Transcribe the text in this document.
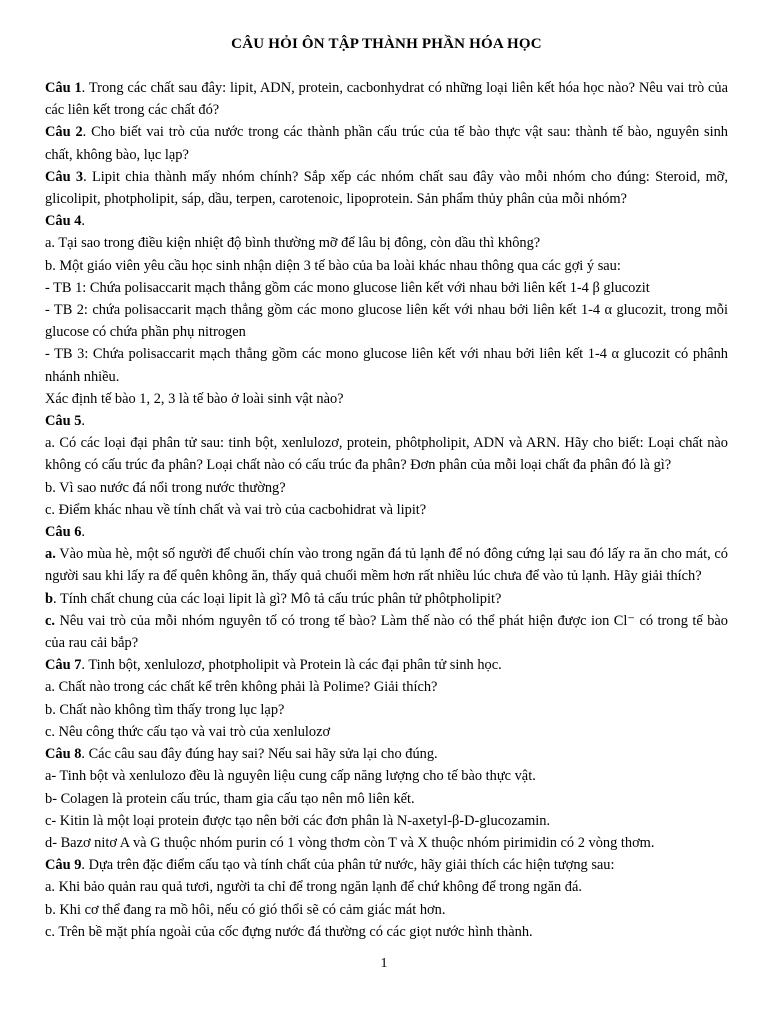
CÂU HỎI ÔN TẬP THÀNH PHẦN HÓA HỌC

Câu 1. Trong các chất sau đây: lipit, ADN, protein, cacbonhydrat có những loại liên kết hóa học nào? Nêu vai trò của các liên kết trong các chất đó?

Câu 2. Cho biết vai trò của nước trong các thành phần cấu trúc của tế bào thực vật sau: thành tế bào, nguyên sinh chất, không bào, lục lạp?

Câu 3. Lipit chia thành mấy nhóm chính? Sắp xếp các nhóm chất sau đây vào mỗi nhóm cho đúng: Steroid, mỡ, glicolipit, photpholipit, sáp, dầu, terpen, carotenoic, lipoprotein. Sản phẩm thủy phân của mỗi nhóm?

Câu 4.

a. Tại sao trong điều kiện nhiệt độ bình thường mỡ để lâu bị đông, còn dầu thì không?

b. Một giáo viên yêu cầu học sinh nhận diện 3 tế bào của ba loài khác nhau thông qua các gợi ý sau:

- TB 1: Chứa polisaccarit mạch thẳng gồm các mono glucose liên kết với nhau bởi liên kết 1-4 β glucozit

- TB 2: chứa polisaccarit mạch thẳng gồm các mono glucose liên kết với nhau bởi liên kết 1-4 α glucozit, trong mỗi glucose có chứa phần phụ nitrogen

- TB 3: Chứa polisaccarit mạch thẳng gồm các mono glucose liên kết với nhau bởi liên kết 1-4 α glucozit có phânh nhánh nhiều.

Xác định tế bào 1, 2, 3 là tế bào ở loài sinh vật nào?

Câu 5.

a. Có các loại đại phân tử sau: tinh bột, xenlulozơ, protein, phôtpholipit, ADN và ARN. Hãy cho biết: Loại chất nào không có cấu trúc đa phân? Loại chất nào có cấu trúc đa phân? Đơn phân của mỗi loại chất đa phân đó là gì?

b. Vì sao nước đá nổi trong nước thường?

c. Điểm khác nhau về tính chất và vai trò của cacbohidrat và lipit?

Câu 6.

a. Vào mùa hè, một số người để chuối chín vào trong ngăn đá tủ lạnh để nó đông cứng lại sau đó lấy ra ăn cho mát, có người sau khi lấy ra để quên không ăn, thấy quả chuối mềm hơn rất nhiều lúc chưa để vào tủ lạnh. Hãy giải thích?

b. Tính chất chung của các loại lipit là gì? Mô tả cấu trúc phân tử phôtpholipit?

c. Nêu vai trò của mỗi nhóm nguyên tố có trong tế bào? Làm thế nào có thể phát hiện được ion Cl⁻ có trong tế bào của rau cải bắp?

Câu 7. Tinh bột, xenlulozơ, photpholipit và Protein là các đại phân tử sinh học.

a. Chất nào trong các chất kể trên không phải là Polime? Giải thích?

b. Chất nào không tìm thấy trong lục lạp?

c. Nêu công thức cấu tạo và vai trò của xenlulozơ

Câu 8. Các câu sau đây đúng hay sai? Nếu sai hãy sửa lại cho đúng.

a- Tinh bột và xenlulozo đều là nguyên liệu cung cấp năng lượng cho tế bào thực vật.

b- Colagen là protein cấu trúc, tham gia cấu tạo nên mô liên kết.

c- Kitin là một loại protein được tạo nên bởi các đơn phân là N-axetyl-β-D-glucozamin.

d- Bazơ nitơ A và G thuộc nhóm purin có 1 vòng thơm còn T và X thuộc nhóm pirimidin có 2 vòng thơm.

Câu 9. Dựa trên đặc điểm cấu tạo và tính chất của phân tử nước, hãy giải thích các hiện tượng sau:

a. Khi bảo quản rau quả tươi, người ta chỉ để trong ngăn lạnh để chứ không để trong ngăn đá.

b. Khi cơ thể đang ra mồ hôi, nếu có gió thổi sẽ có cảm giác mát hơn.

c. Trên bề mặt phía ngoài của cốc đựng nước đá thường có các giọt nước hình thành.

1
